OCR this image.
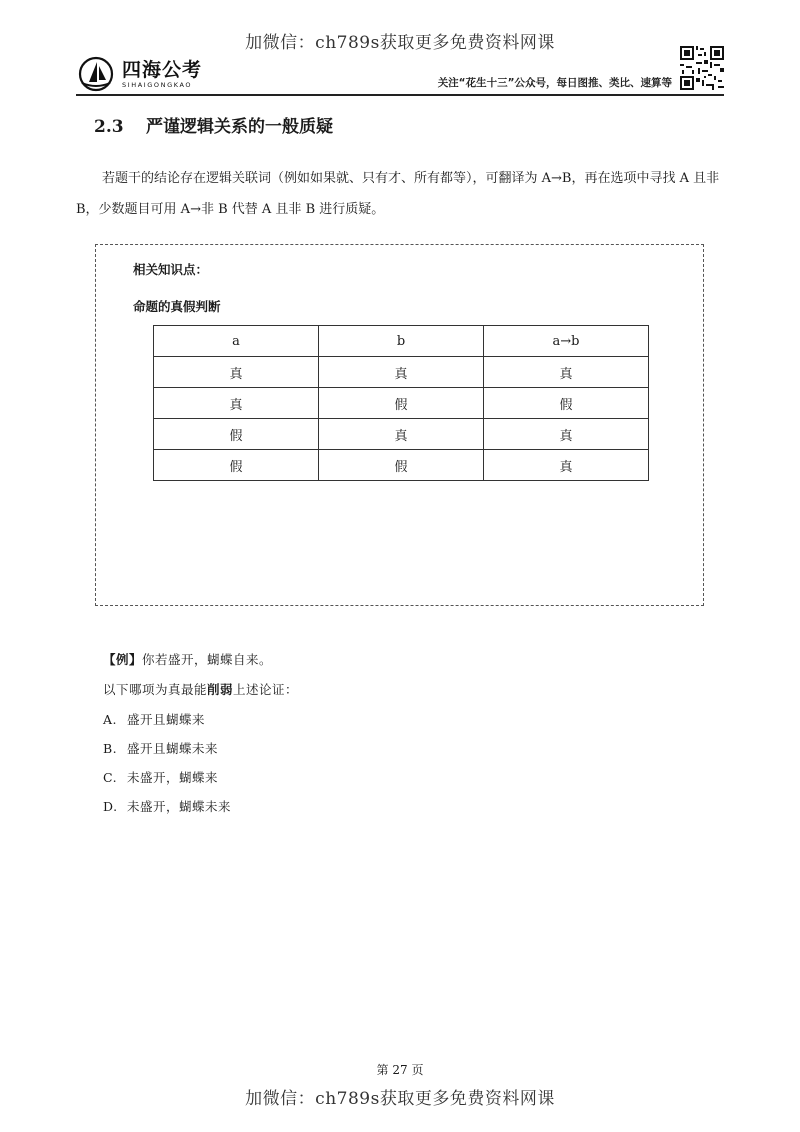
加微信：ch789s获取更多免费资料网课
四海公考
SIHAIGONGKAO	关注“花生十三”公众号，每日图推、类比、速算等
2.3 严谨逻辑关系的一般质疑

若题干的结论存在逻辑关联词（例如如果就、只有才、所有都等），可翻译为 A→B，再在选项中寻找 A 且非 B，少数题目可用 A→非 B 代替 A 且非 B 进行质疑。

相关知识点：

命题的真假判断

a	b	a→b
真	真	真
真	假	假
假	真	真
假	假	真

【例】你若盛开，蝴蝶自来。

以下哪项为真最能削弱上述论证：

A. 盛开且蝴蝶来

B. 盛开且蝴蝶未来

C. 未盛开，蝴蝶来

D. 未盛开，蝴蝶未来

第 27 页
加微信：ch789s获取更多免费资料网课
